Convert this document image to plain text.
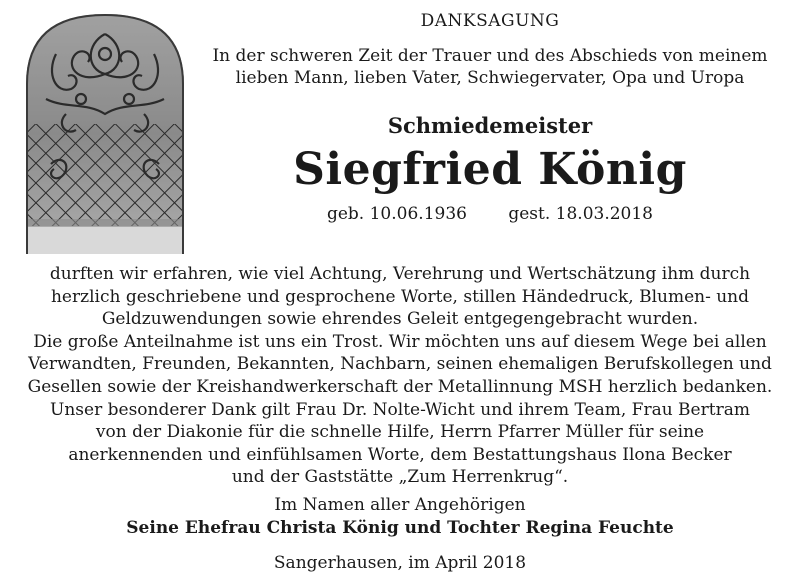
DANKSAGUNG
In der schweren Zeit der Trauer und des Abschieds von meinem
lieben Mann, lieben Vater, Schwiegervater, Opa und Uropa
Schmiedemeister
Siegfried König
geb. 10.06.1936 gest. 18.03.2018
durften wir erfahren, wie viel Achtung, Verehrung und Wertschätzung ihm durch
herzlich geschriebene und gesprochene Worte, stillen Händedruck, Blumen- und
Geldzuwendungen sowie ehrendes Geleit entgegengebracht wurden.
Die große Anteilnahme ist uns ein Trost. Wir möchten uns auf diesem Wege bei allen
Verwandten, Freunden, Bekannten, Nachbarn, seinen ehemaligen Berufskollegen und
Gesellen sowie der Kreishandwerkerschaft der Metallinnung MSH herzlich bedanken.
Unser besonderer Dank gilt Frau Dr. Nolte-Wicht und ihrem Team, Frau Bertram
von der Diakonie für die schnelle Hilfe, Herrn Pfarrer Müller für seine
anerkennenden und einfühlsamen Worte, dem Bestattungshaus Ilona Becker
und der Gaststätte „Zum Herrenkrug“.
Im Namen aller Angehörigen
Seine Ehefrau Christa König und Tochter Regina Feuchte
Sangerhausen, im April 2018
